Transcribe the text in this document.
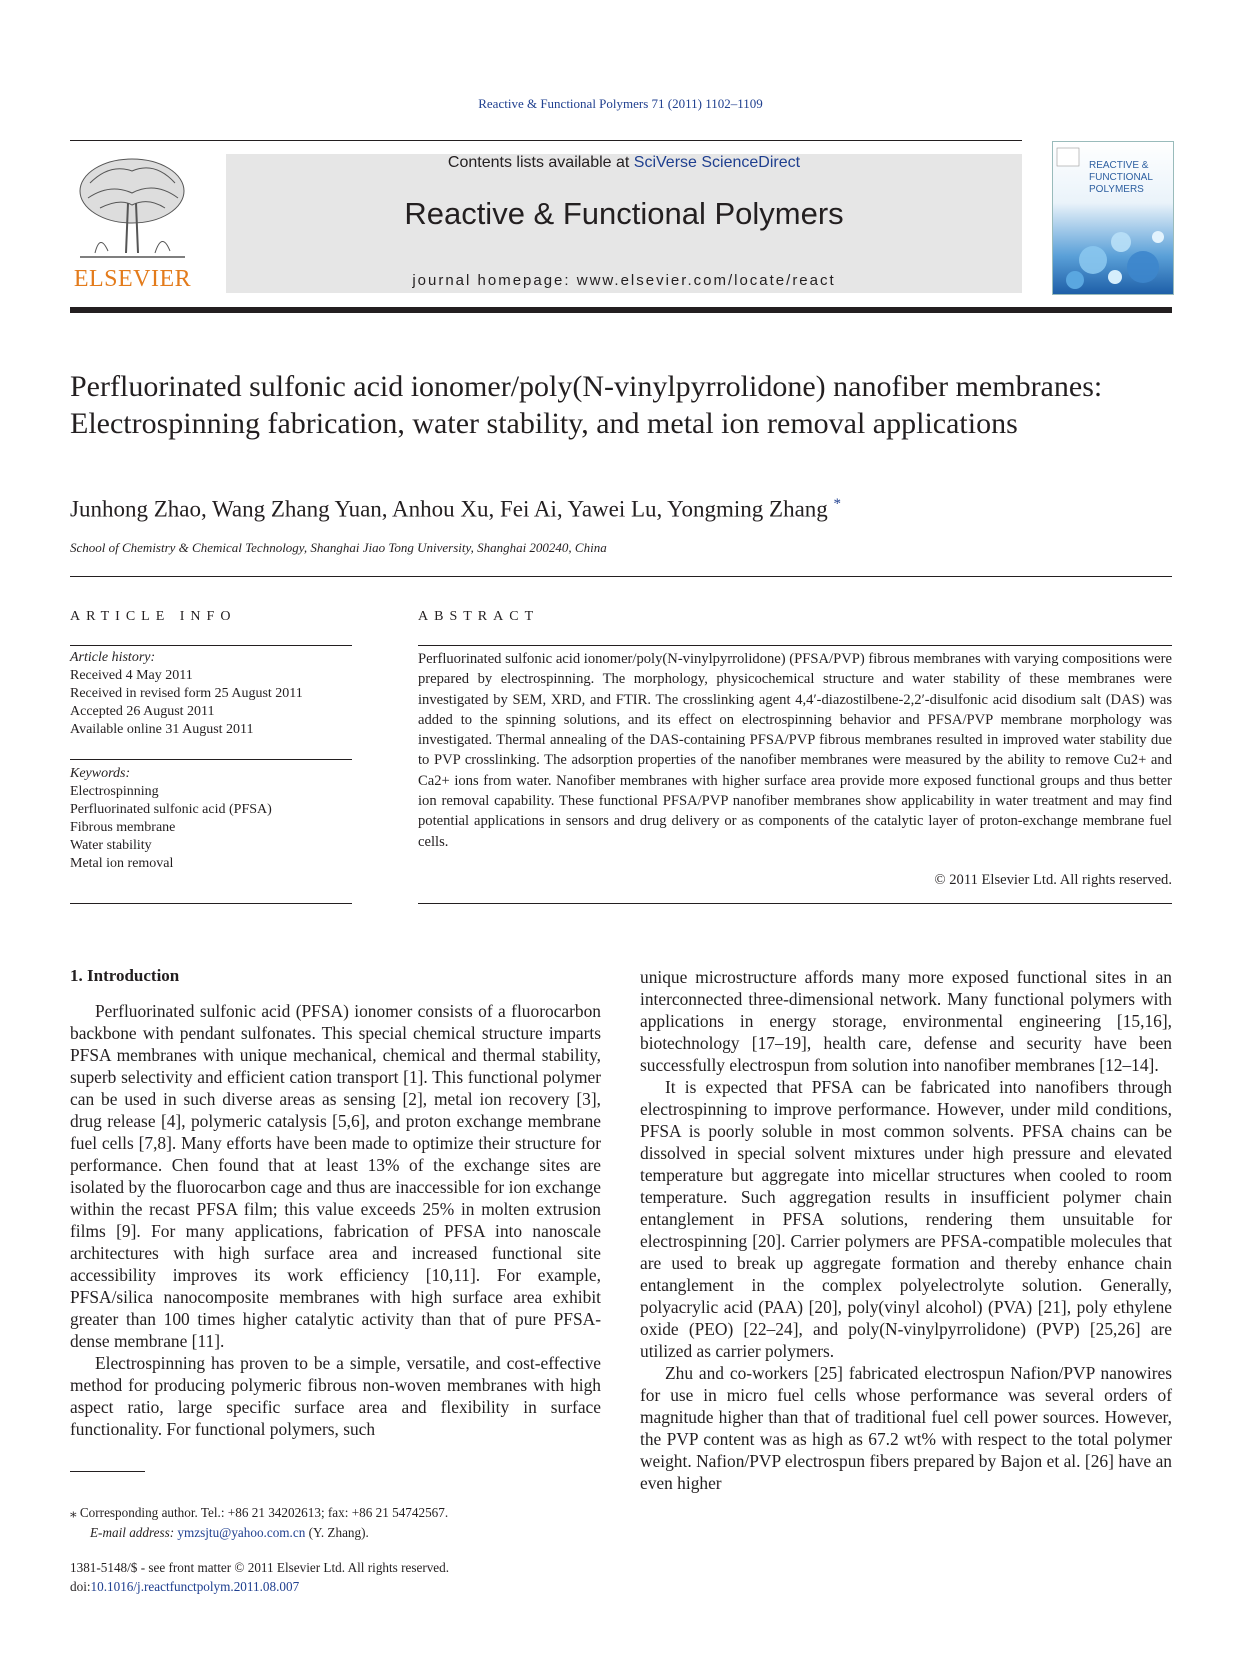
Reactive & Functional Polymers 71 (2011) 1102–1109
ELSEVIER
Contents lists available at SciVerse ScienceDirect
Reactive & Functional Polymers
journal homepage: www.elsevier.com/locate/react
REACTIVE &
FUNCTIONAL
POLYMERS
Perfluorinated sulfonic acid ionomer/poly(N-vinylpyrrolidone) nanofiber membranes: Electrospinning fabrication, water stability, and metal ion removal applications
Junhong Zhao, Wang Zhang Yuan, Anhou Xu, Fei Ai, Yawei Lu, Yongming Zhang *
School of Chemistry & Chemical Technology, Shanghai Jiao Tong University, Shanghai 200240, China
ARTICLE INFO
Article history:
Received 4 May 2011
Received in revised form 25 August 2011
Accepted 26 August 2011
Available online 31 August 2011
Keywords:
Electrospinning
Perfluorinated sulfonic acid (PFSA)
Fibrous membrane
Water stability
Metal ion removal
ABSTRACT
Perfluorinated sulfonic acid ionomer/poly(N-vinylpyrrolidone) (PFSA/PVP) fibrous membranes with varying compositions were prepared by electrospinning. The morphology, physicochemical structure and water stability of these membranes were investigated by SEM, XRD, and FTIR. The crosslinking agent 4,4′-diazostilbene-2,2′-disulfonic acid disodium salt (DAS) was added to the spinning solutions, and its effect on electrospinning behavior and PFSA/PVP membrane morphology was investigated. Thermal annealing of the DAS-containing PFSA/PVP fibrous membranes resulted in improved water stability due to PVP crosslinking. The adsorption properties of the nanofiber membranes were measured by the ability to remove Cu2+ and Ca2+ ions from water. Nanofiber membranes with higher surface area provide more exposed functional groups and thus better ion removal capability. These functional PFSA/PVP nanofiber membranes show applicability in water treatment and may find potential applications in sensors and drug delivery or as components of the catalytic layer of proton-exchange membrane fuel cells.
© 2011 Elsevier Ltd. All rights reserved.
1. Introduction

Perfluorinated sulfonic acid (PFSA) ionomer consists of a fluorocarbon backbone with pendant sulfonates. This special chemical structure imparts PFSA membranes with unique mechanical, chemical and thermal stability, superb selectivity and efficient cation transport [1]. This functional polymer can be used in such diverse areas as sensing [2], metal ion recovery [3], drug release [4], polymeric catalysis [5,6], and proton exchange membrane fuel cells [7,8]. Many efforts have been made to optimize their structure for performance. Chen found that at least 13% of the exchange sites are isolated by the fluorocarbon cage and thus are inaccessible for ion exchange within the recast PFSA film; this value exceeds 25% in molten extrusion films [9]. For many applications, fabrication of PFSA into nanoscale architectures with high surface area and increased functional site accessibility improves its work efficiency [10,11]. For example, PFSA/silica nanocomposite membranes with high surface area exhibit greater than 100 times higher catalytic activity than that of pure PFSA-dense membrane [11].

Electrospinning has proven to be a simple, versatile, and cost-effective method for producing polymeric fibrous non-woven membranes with high aspect ratio, large specific surface area and flexibility in surface functionality. For functional polymers, such

unique microstructure affords many more exposed functional sites in an interconnected three-dimensional network. Many functional polymers with applications in energy storage, environmental engineering [15,16], biotechnology [17–19], health care, defense and security have been successfully electrospun from solution into nanofiber membranes [12–14].

It is expected that PFSA can be fabricated into nanofibers through electrospinning to improve performance. However, under mild conditions, PFSA is poorly soluble in most common solvents. PFSA chains can be dissolved in special solvent mixtures under high pressure and elevated temperature but aggregate into micellar structures when cooled to room temperature. Such aggregation results in insufficient polymer chain entanglement in PFSA solutions, rendering them unsuitable for electrospinning [20]. Carrier polymers are PFSA-compatible molecules that are used to break up aggregate formation and thereby enhance chain entanglement in the complex polyelectrolyte solution. Generally, polyacrylic acid (PAA) [20], poly(vinyl alcohol) (PVA) [21], poly ethylene oxide (PEO) [22–24], and poly(N-vinylpyrrolidone) (PVP) [25,26] are utilized as carrier polymers.

Zhu and co-workers [25] fabricated electrospun Nafion/PVP nanowires for use in micro fuel cells whose performance was several orders of magnitude higher than that of traditional fuel cell power sources. However, the PVP content was as high as 67.2 wt% with respect to the total polymer weight. Nafion/PVP electrospun fibers prepared by Bajon et al. [26] have an even higher

⁎ Corresponding author. Tel.: +86 21 34202613; fax: +86 21 54742567.
E-mail address: ymzsjtu@yahoo.com.cn (Y. Zhang).
1381-5148/$ - see front matter © 2011 Elsevier Ltd. All rights reserved.
doi:10.1016/j.reactfunctpolym.2011.08.007
